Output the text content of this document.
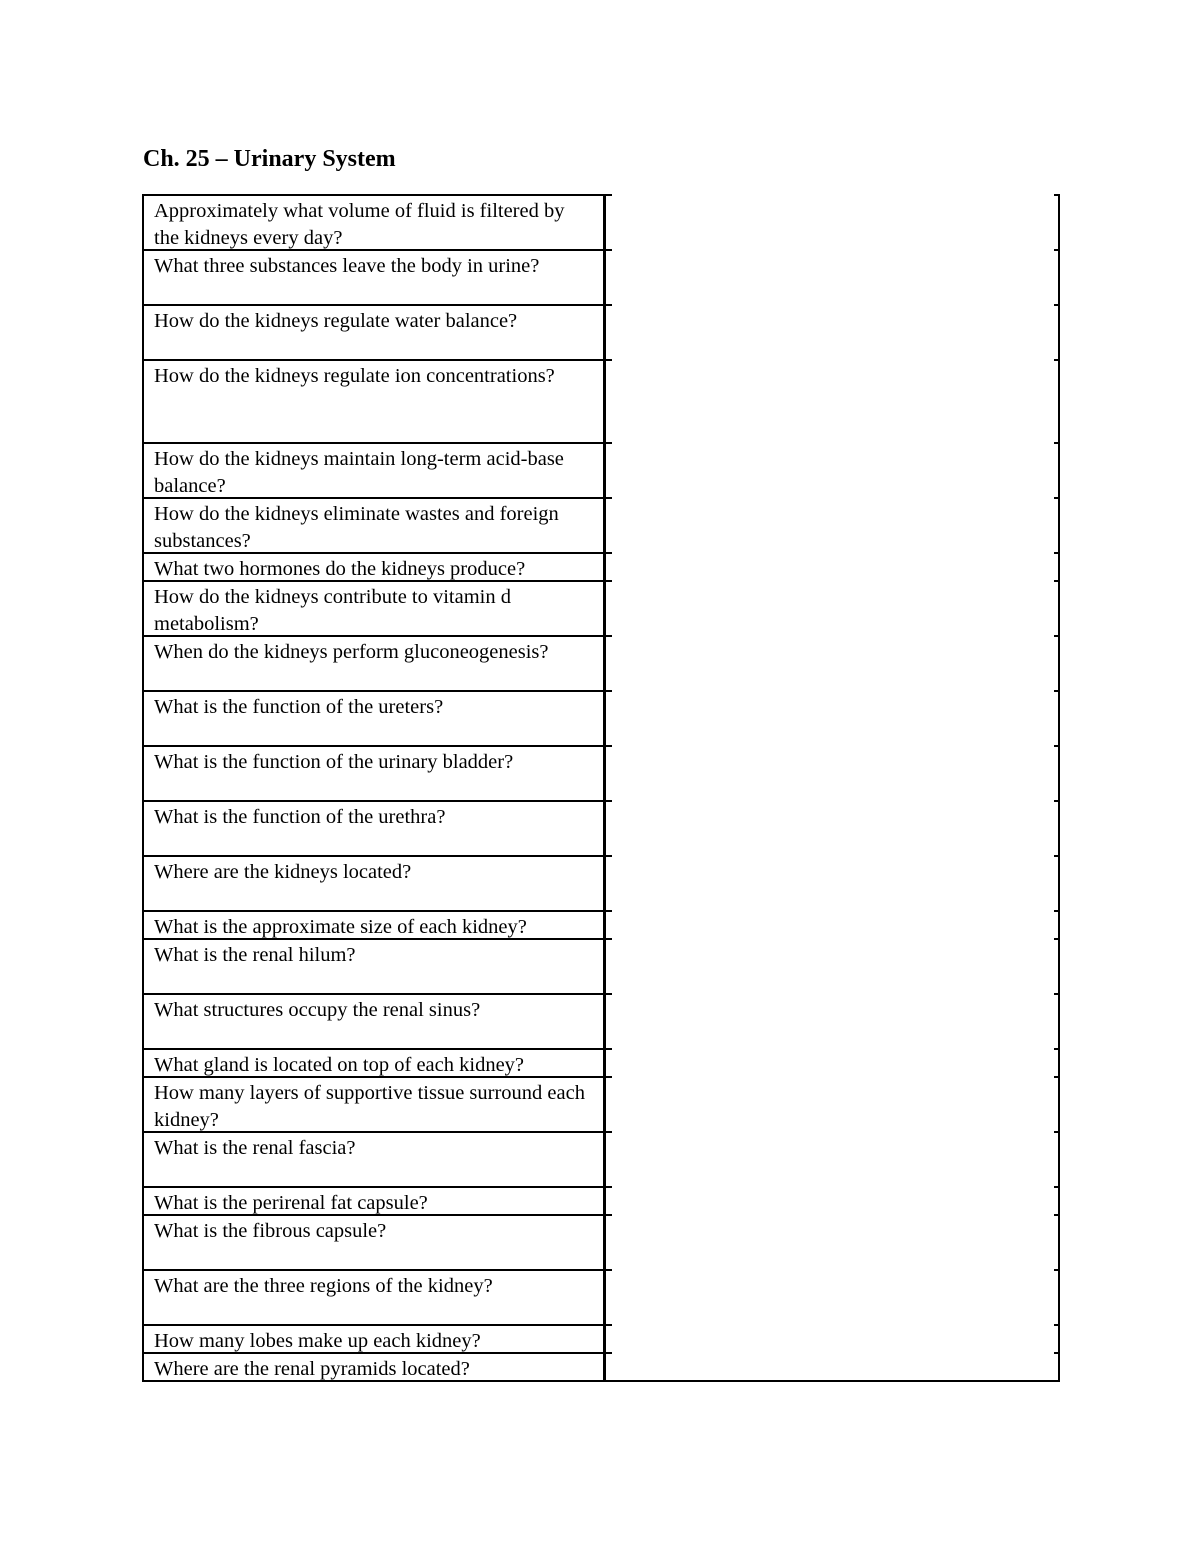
Ch. 25 – Urinary System
Approximately what volume of fluid is filtered by the kidneys every day?
What three substances leave the body in urine?
How do the kidneys regulate water balance?
How do the kidneys regulate ion concentrations?
How do the kidneys maintain long-term acid-base balance?
How do the kidneys eliminate wastes and foreign substances?
What two hormones do the kidneys produce?
How do the kidneys contribute to vitamin d metabolism?
When do the kidneys perform gluconeogenesis?
What is the function of the ureters?
What is the function of the urinary bladder?
What is the function of the urethra?
Where are the kidneys located?
What is the approximate size of each kidney?
What is the renal hilum?
What structures occupy the renal sinus?
What gland is located on top of each kidney?
How many layers of supportive tissue surround each kidney?
What is the renal fascia?
What is the perirenal fat capsule?
What is the fibrous capsule?
What are the three regions of the kidney?
How many lobes make up each kidney?
Where are the renal pyramids located?
